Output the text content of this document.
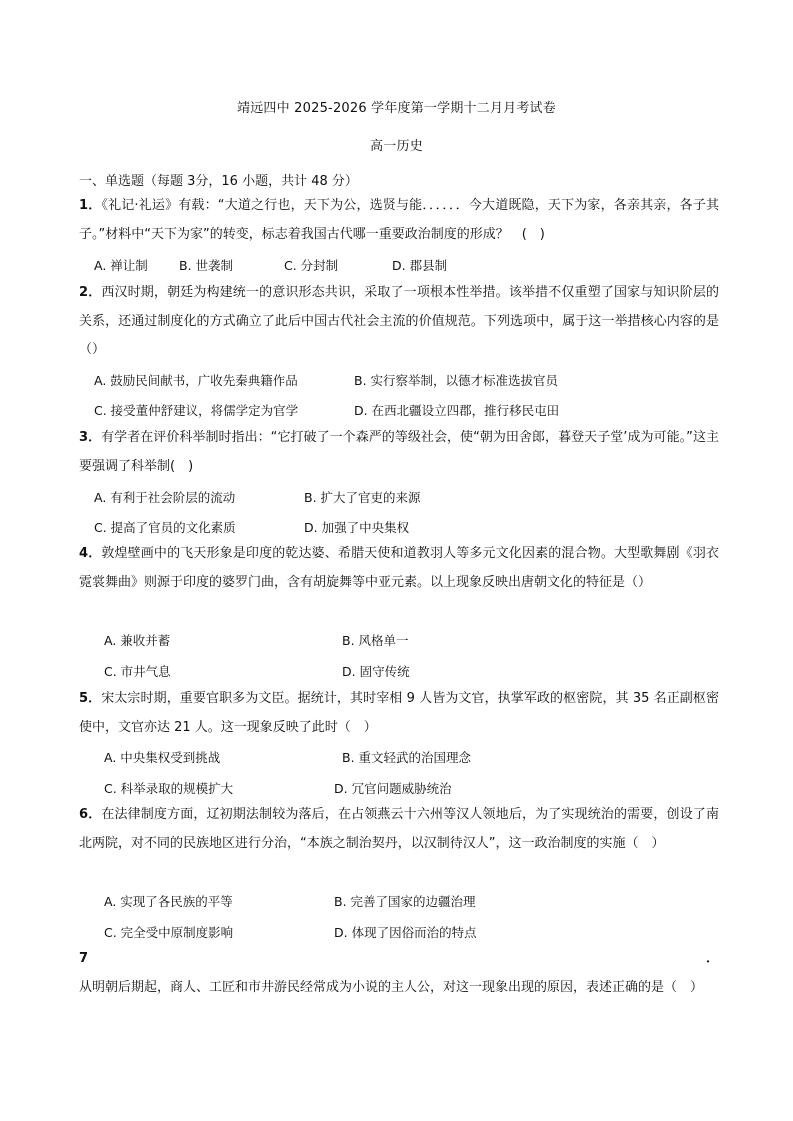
靖远四中 2025-2026 学年度第一学期十二月月考试卷
高一历史
一、单选题（每题 3分，16 小题，共计 48 分）
1．《礼记·礼运》有载：“大道之行也，天下为公，选贤与能．．．．．．今大道既隐，天下为家，各亲其亲，各子其子。”材料中“天下为家”的转变，标志着我国古代哪一重要政治制度的形成？　(　)
A. 禅让制 B. 世袭制	C. 分封制	D. 郡县制
2．西汉时期，朝廷为构建统一的意识形态共识，采取了一项根本性举措。该举措不仅重塑了国家与知识阶层的关系，还通过制度化的方式确立了此后中国古代社会主流的价值规范。下列选项中，属于这一举措核心内容的是（）
A. 鼓励民间献书，广收先秦典籍作品	B. 实行察举制，以德才标准选拔官员
C. 接受董仲舒建议，将儒学定为官学	D. 在西北疆设立四郡，推行移民屯田
3．有学者在评价科举制时指出：“它打破了一个森严的等级社会，使“朝为田舍郎，暮登天子堂’成为可能。”这主要强调了科举制(　)
A. 有利于社会阶层的流动	B. 扩大了官吏的来源
C. 提高了官员的文化素质	D. 加强了中央集权
4．敦煌壁画中的飞天形象是印度的乾达婆、希腊天使和道教羽人等多元文化因素的混合物。大型歌舞剧《羽衣霓裳舞曲》则源于印度的婆罗门曲，含有胡旋舞等中亚元素。以上现象反映出唐朝文化的特征是（）
A. 兼收并蓄	B. 风格单一
C. 市井气息	D. 固守传统
5．宋太宗时期，重要官职多为文臣。据统计，其时宰相 9 人皆为文官，执掌军政的枢密院，其 35 名正副枢密使中，文官亦达 21 人。这一现象反映了此时（　）
A. 中央集权受到挑战	B. 重文轻武的治国理念
C. 科举录取的规模扩大	D. 冗官问题威胁统治
6．在法律制度方面，辽初期法制较为落后，在占领燕云十六州等汉人领地后，为了实现统治的需要，创设了南北两院，对不同的民族地区进行分治，“本族之制治契丹，以汉制待汉人”，这一政治制度的实施（　）
A. 实现了各民族的平等	B. 完善了国家的边疆治理
C. 完全受中原制度影响	D. 体现了因俗而治的特点
7．从明朝后期起，商人、工匠和市井游民经常成为小说的主人公，对这一现象出现的原因，表述正确的是（　）
